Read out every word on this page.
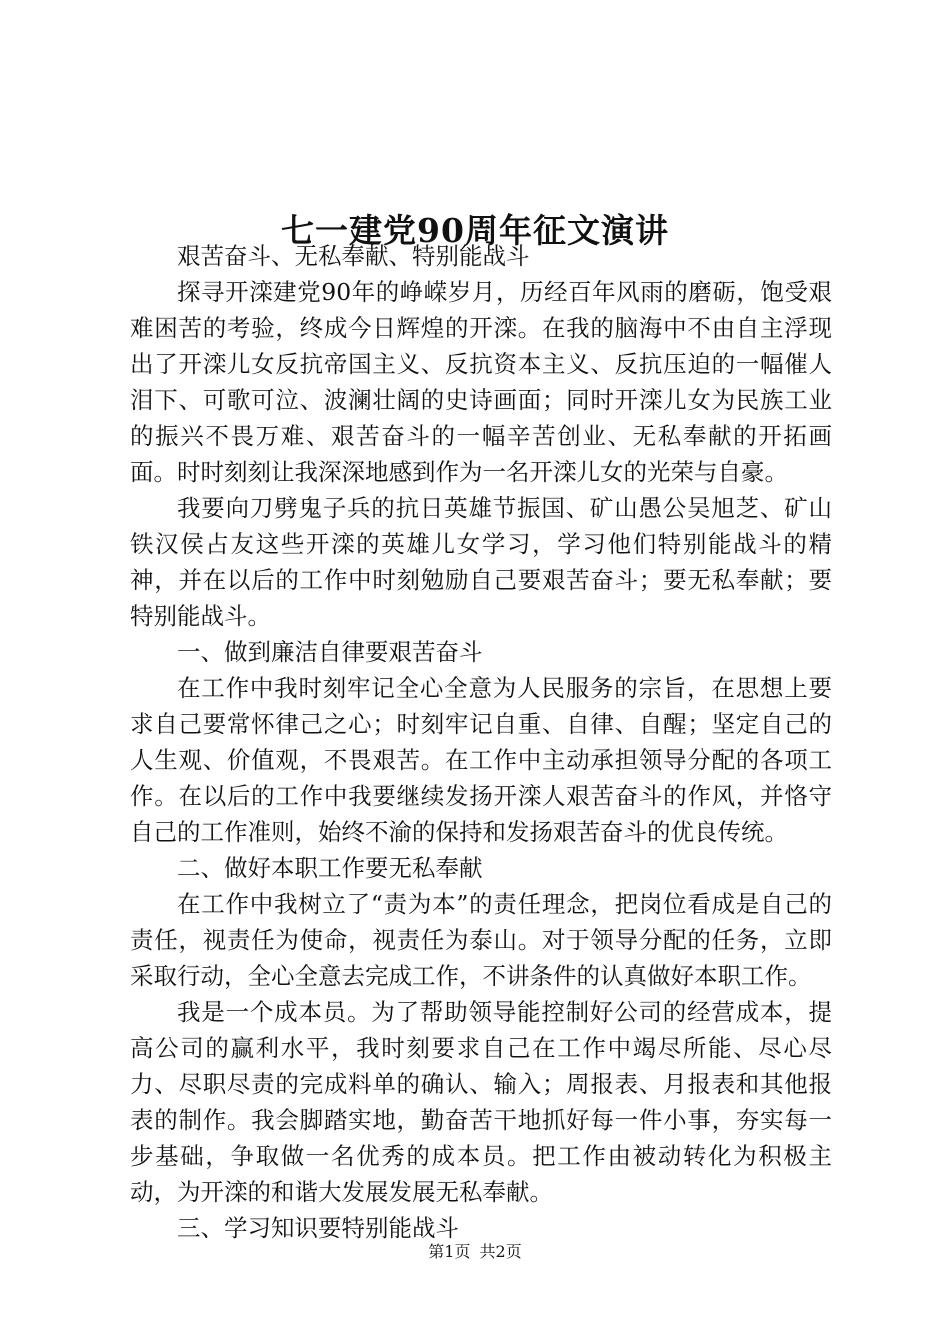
七一建党90周年征文演讲

艰苦奋斗、无私奉献、特别能战斗

探寻开滦建党90年的峥嵘岁月，历经百年风雨的磨砺，饱受艰难困苦的考验，终成今日辉煌的开滦。在我的脑海中不由自主浮现出了开滦儿女反抗帝国主义、反抗资本主义、反抗压迫的一幅催人泪下、可歌可泣、波澜壮阔的史诗画面；同时开滦儿女为民族工业的振兴不畏万难、艰苦奋斗的一幅辛苦创业、无私奉献的开拓画面。时时刻刻让我深深地感到作为一名开滦儿女的光荣与自豪。

我要向刀劈鬼子兵的抗日英雄节振国、矿山愚公吴旭芝、矿山铁汉侯占友这些开滦的英雄儿女学习，学习他们特别能战斗的精神，并在以后的工作中时刻勉励自己要艰苦奋斗；要无私奉献；要特别能战斗。

一、做到廉洁自律要艰苦奋斗

在工作中我时刻牢记全心全意为人民服务的宗旨，在思想上要求自己要常怀律己之心；时刻牢记自重、自律、自醒；坚定自己的人生观、价值观，不畏艰苦。在工作中主动承担领导分配的各项工作。在以后的工作中我要继续发扬开滦人艰苦奋斗的作风，并恪守自己的工作准则，始终不渝的保持和发扬艰苦奋斗的优良传统。

二、做好本职工作要无私奉献

在工作中我树立了“责为本”的责任理念，把岗位看成是自己的责任，视责任为使命，视责任为泰山。对于领导分配的任务，立即采取行动，全心全意去完成工作，不讲条件的认真做好本职工作。

我是一个成本员。为了帮助领导能控制好公司的经营成本，提高公司的赢利水平，我时刻要求自己在工作中竭尽所能、尽心尽力、尽职尽责的完成料单的确认、输入；周报表、月报表和其他报表的制作。我会脚踏实地，勤奋苦干地抓好每一件小事，夯实每一步基础，争取做一名优秀的成本员。把工作由被动转化为积极主动，为开滦的和谐大发展发展无私奉献。

三、学习知识要特别能战斗

第1页 共2页
